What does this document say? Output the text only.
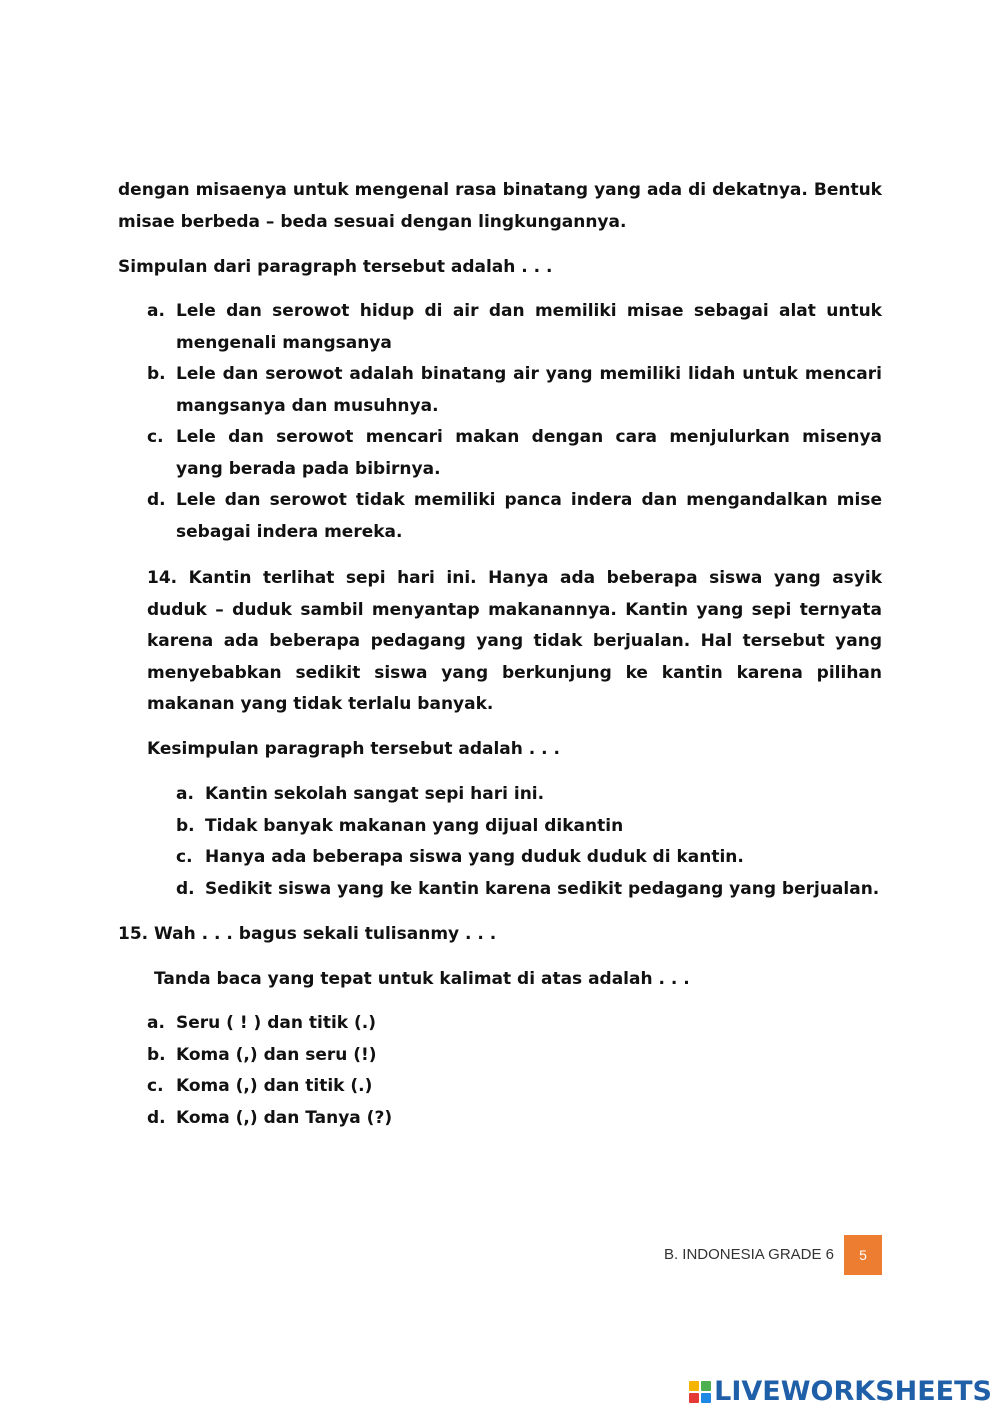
dengan misaenya untuk mengenal rasa binatang yang ada di dekatnya. Bentuk misae berbeda – beda sesuai dengan lingkungannya.
Simpulan dari paragraph tersebut adalah . . .
a. Lele dan serowot hidup di air dan memiliki misae sebagai alat untuk mengenali mangsanya
b. Lele dan serowot adalah binatang air yang memiliki lidah untuk mencari mangsanya dan musuhnya.
c. Lele dan serowot mencari makan dengan cara menjulurkan misenya yang berada pada bibirnya.
d. Lele dan serowot tidak memiliki panca indera dan mengandalkan mise sebagai indera mereka.
14. Kantin terlihat sepi hari ini. Hanya ada beberapa siswa yang asyik duduk – duduk sambil menyantap makanannya. Kantin yang sepi ternyata karena ada beberapa pedagang yang tidak berjualan. Hal tersebut yang menyebabkan sedikit siswa yang berkunjung ke kantin karena pilihan makanan yang tidak terlalu banyak.
Kesimpulan paragraph tersebut adalah . . .
a. Kantin sekolah sangat sepi hari ini.
b. Tidak banyak makanan yang dijual dikantin
c. Hanya ada beberapa siswa yang duduk duduk di kantin.
d. Sedikit siswa yang ke kantin karena sedikit pedagang yang berjualan.
15. Wah . . . bagus sekali tulisanmy . . .
Tanda baca yang tepat untuk kalimat di atas adalah . . .
a. Seru ( ! ) dan titik (.)
b. Koma (,) dan seru (!)
c. Koma (,) dan titik (.)
d. Koma (,) dan Tanya (?)
B. INDONESIA GRADE 6	5
LIVEWORKSHEETS
